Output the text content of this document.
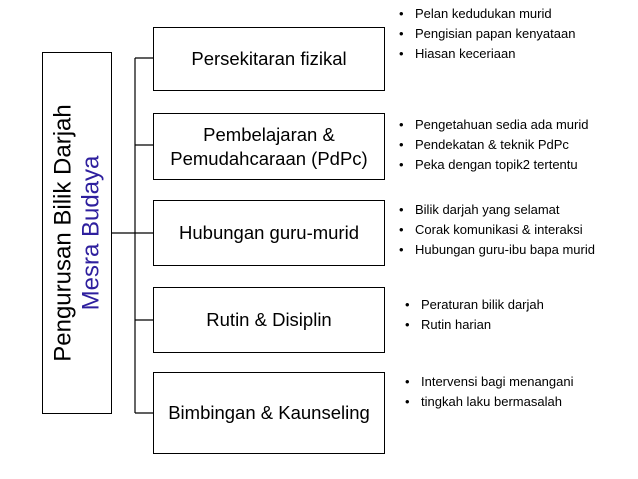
Pengurusan Bilik Darjah Mesra Budaya
Persekitaran fizikal
Pembelajaran & Pemudahcaraan (PdPc)
Hubungan guru-murid
Rutin & Disiplin
Bimbingan & Kaunseling
• Pelan kedudukan murid
• Pengisian papan kenyataan
• Hiasan keceriaan
• Pengetahuan sedia ada murid
• Pendekatan & teknik PdPc
• Peka dengan topik2 tertentu
• Bilik darjah yang selamat
• Corak komunikasi & interaksi
• Hubungan guru-ibu bapa murid
• Peraturan bilik darjah
• Rutin harian
• Intervensi bagi menangani
• tingkah laku bermasalah
